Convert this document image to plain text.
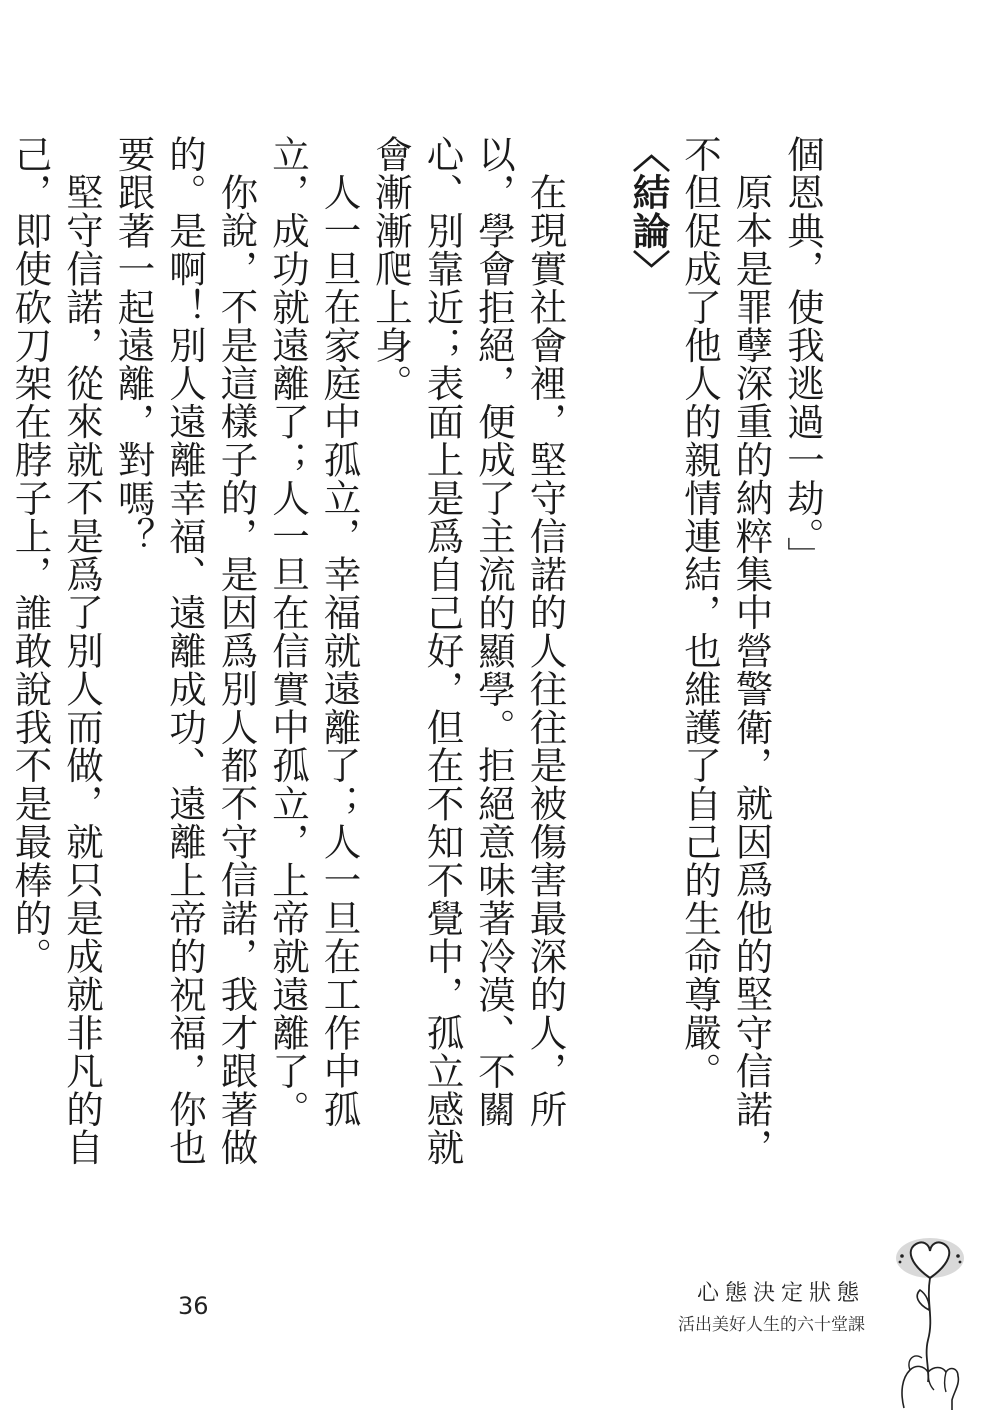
個恩典，使我逃過一劫。」

原本是罪孽深重的納粹集中營警衛，就因爲他的堅守信諾，不但促成了他人的親情連結，也維護了自己的生命尊嚴。

〈結論〉

在現實社會裡，堅守信諾的人往往是被傷害最深的人，所以，學會拒絕，便成了主流的顯學。拒絕意味著冷漠、不關心、別靠近；表面上是爲自己好，但在不知不覺中，孤立感就會漸漸爬上身。

人一旦在家庭中孤立，幸福就遠離了；人一旦在工作中孤立，成功就遠離了；人一旦在信實中孤立，上帝就遠離了。

你說，不是這樣子的，是因爲別人都不守信諾，我才跟著做的。是啊！別人遠離幸福、遠離成功、遠離上帝的祝福，你也要跟著一起遠離，對嗎？

堅守信諾，從來就不是爲了別人而做，就只是成就非凡的自己，即使砍刀架在脖子上，誰敢說我不是最棒的。

36	心態決定狀態

活出美好人生的六十堂課
